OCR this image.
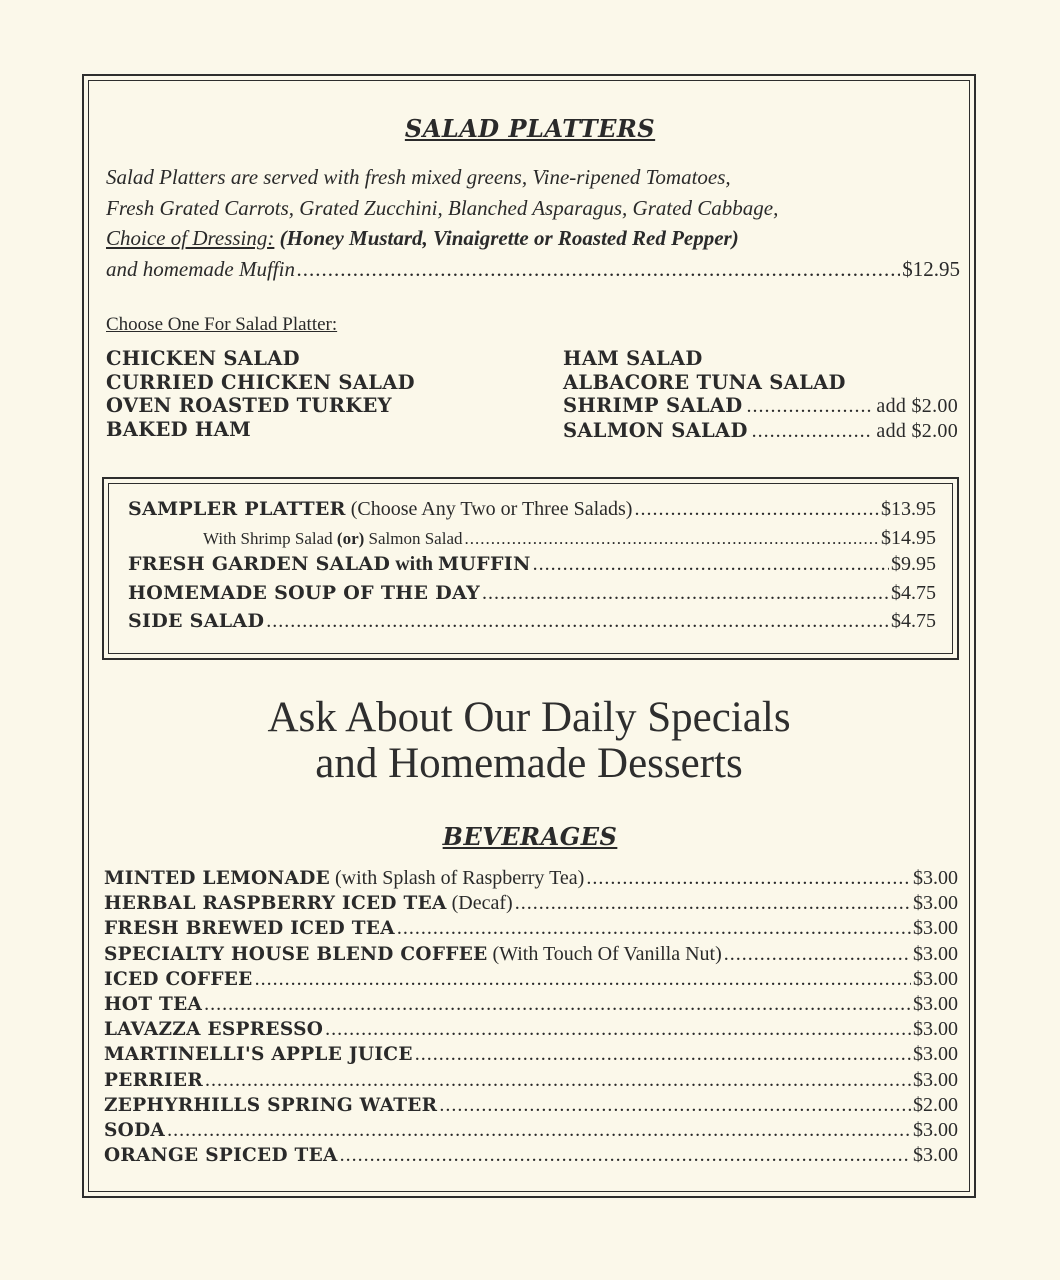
SALAD PLATTERS
Salad Platters are served with fresh mixed greens, Vine-ripened Tomatoes,
Fresh Grated Carrots, Grated Zucchini, Blanched Asparagus, Grated Cabbage,
Choice of Dressing: (Honey Mustard, Vinaigrette or Roasted Red Pepper)
and homemade Muffin .....	$12.95
Choose One For Salad Platter:
CHICKEN SALAD
CURRIED CHICKEN SALAD
OVEN ROASTED TURKEY
BAKED HAM
HAM SALAD
ALBACORE TUNA SALAD
SHRIMP SALAD .....	add $2.00
SALMON SALAD .....	add $2.00
SAMPLER PLATTER (Choose Any Two or Three Salads) .....	$13.95
With Shrimp Salad (or) Salmon Salad .....	$14.95
FRESH GARDEN SALAD with MUFFIN .....	$9.95
HOMEMADE SOUP OF THE DAY .....	$4.75
SIDE SALAD .....	$4.75
Ask About Our Daily Specials
and Homemade Desserts
BEVERAGES
MINTED LEMONADE (with Splash of Raspberry Tea) .....	$3.00
HERBAL RASPBERRY ICED TEA (Decaf) .....	$3.00
FRESH BREWED ICED TEA .....	$3.00
SPECIALTY HOUSE BLEND COFFEE (With Touch Of Vanilla Nut) .....	$3.00
ICED COFFEE .....	$3.00
HOT TEA .....	$3.00
LAVAZZA ESPRESSO .....	$3.00
MARTINELLI'S APPLE JUICE .....	$3.00
PERRIER .....	$3.00
ZEPHYRHILLS SPRING WATER .....	$2.00
SODA .....	$3.00
ORANGE SPICED TEA .....	$3.00
